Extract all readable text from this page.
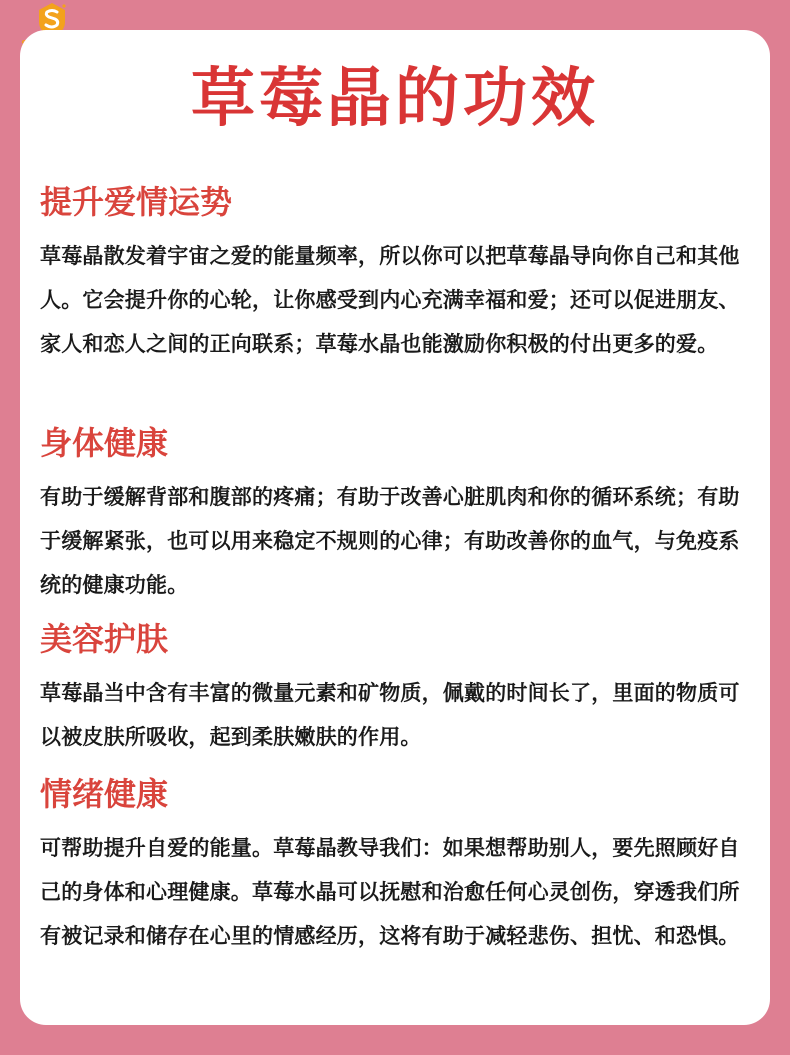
草莓晶的功效
提升爱情运势

草莓晶散发着宇宙之爱的能量频率，所以你可以把草莓晶导向你自己和其他人。它会提升你的心轮，让你感受到内心充满幸福和爱；还可以促进朋友、家人和恋人之间的正向联系；草莓水晶也能激励你积极的付出更多的爱。

身体健康

有助于缓解背部和腹部的疼痛；有助于改善心脏肌肉和你的循环系统；有助于缓解紧张，也可以用来稳定不规则的心律；有助改善你的血气，与免疫系统的健康功能。

美容护肤

草莓晶当中含有丰富的微量元素和矿物质，佩戴的时间长了，里面的物质可以被皮肤所吸收，起到柔肤嫩肤的作用。

情绪健康

可帮助提升自爱的能量。草莓晶教导我们：如果想帮助别人，要先照顾好自己的身体和心理健康。草莓水晶可以抚慰和治愈任何心灵创伤，穿透我们所有被记录和储存在心里的情感经历，这将有助于减轻悲伤、担忧、和恐惧。
